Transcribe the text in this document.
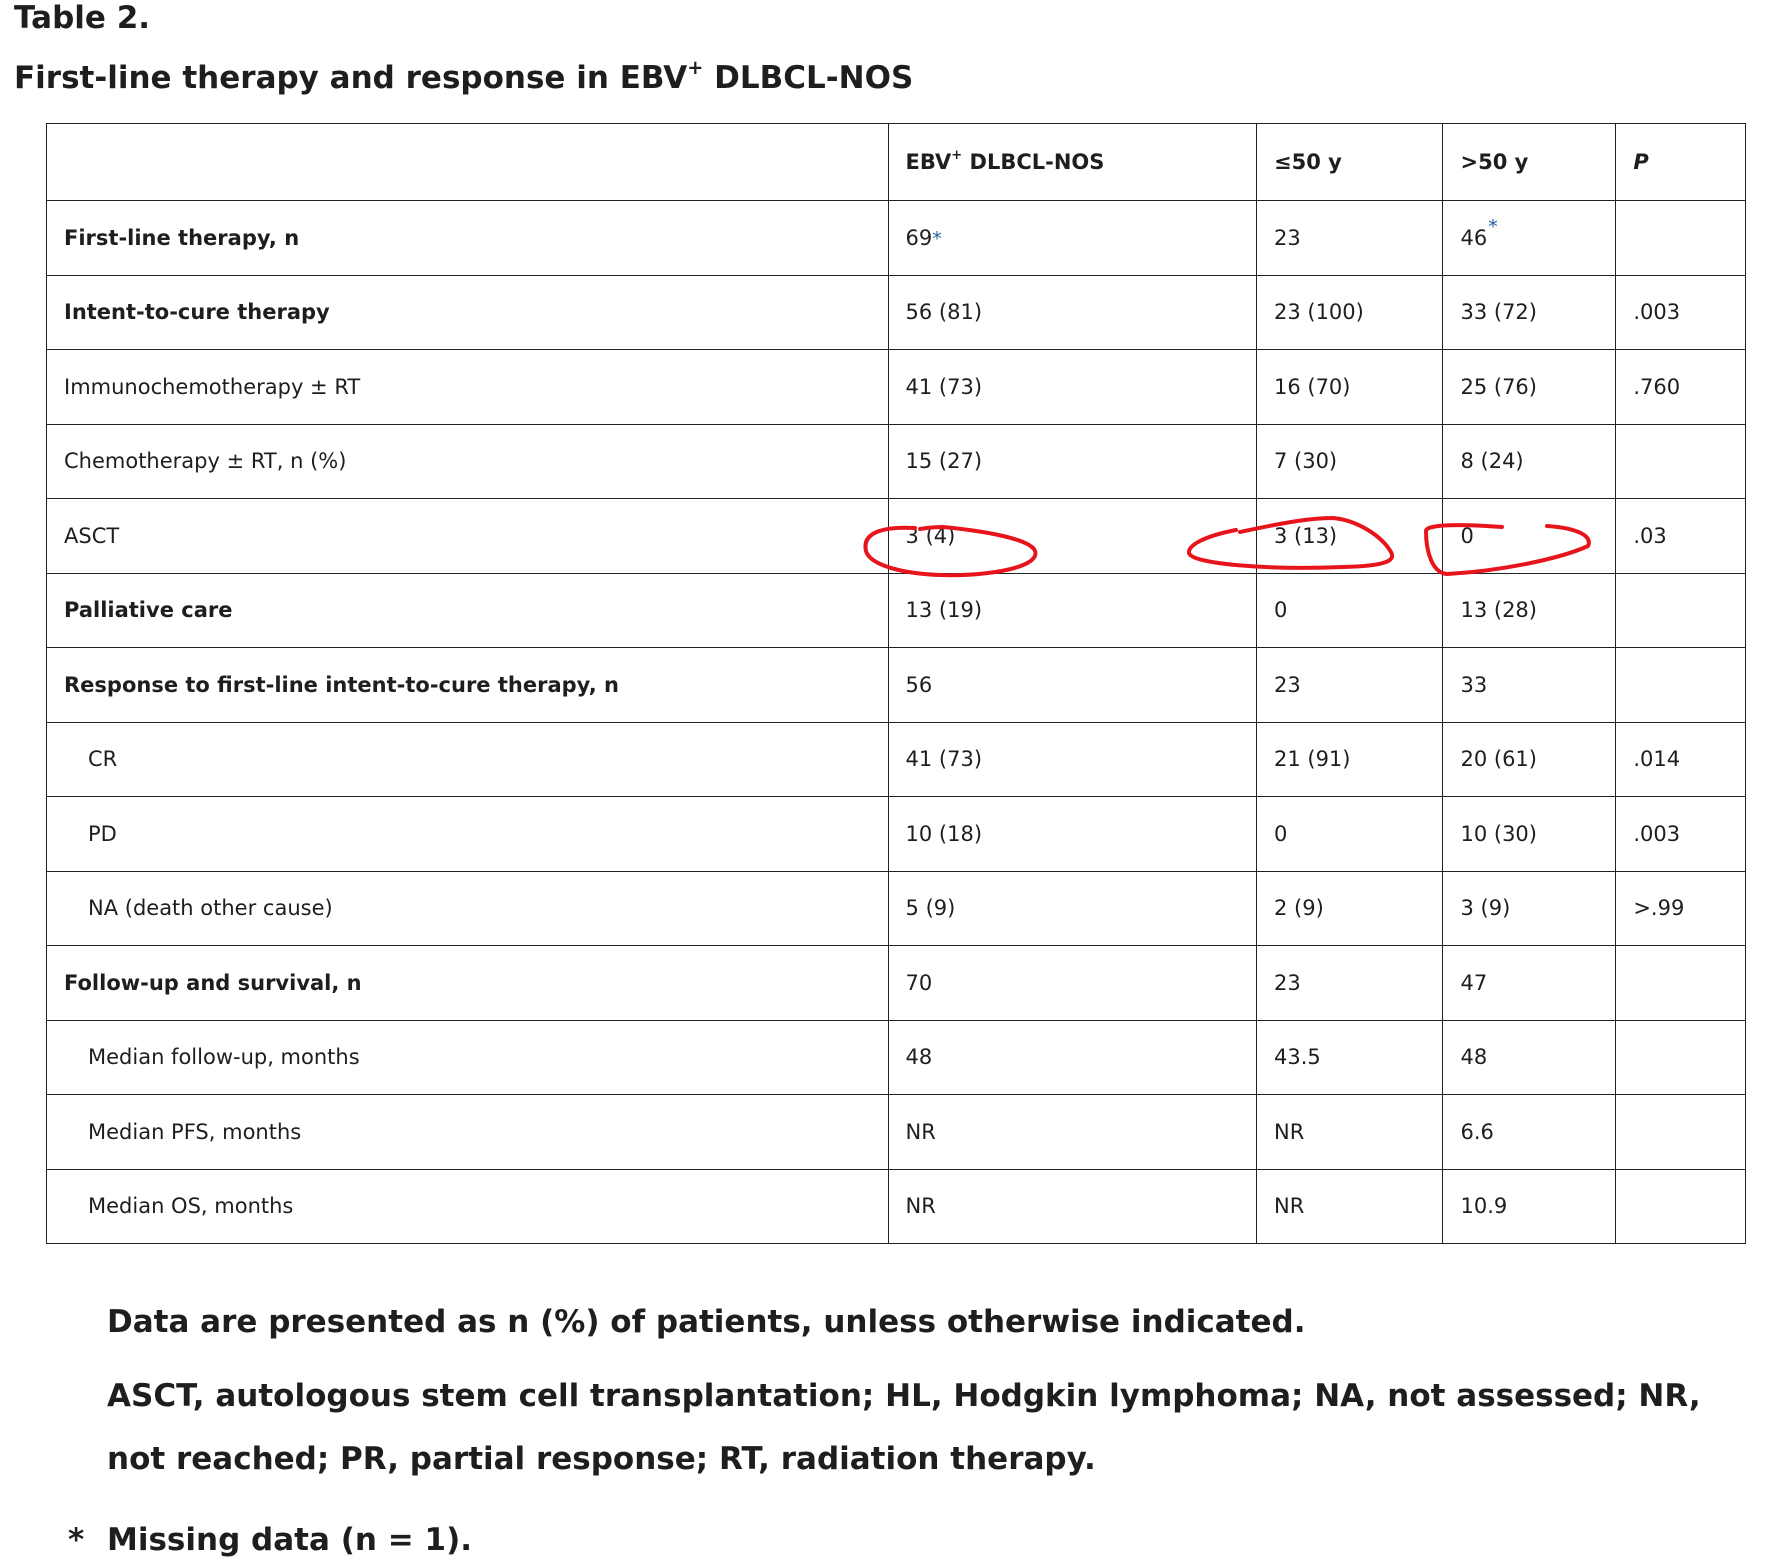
Table 2.
First-line therapy and response in EBV+ DLBCL-NOS
	EBV+ DLBCL-NOS	≤50 y	>50 y	P
First-line therapy, n	69*	23	46*	
Intent-to-cure therapy	56 (81)	23 (100)	33 (72)	.003
Immunochemotherapy ± RT	41 (73)	16 (70)	25 (76)	.760
Chemotherapy ± RT, n (%)	15 (27)	7 (30)	8 (24)	
ASCT	3 (4)	3 (13)	0	.03
Palliative care	13 (19)	0	13 (28)	
Response to first-line intent-to-cure therapy, n	56	23	33	
CR	41 (73)	21 (91)	20 (61)	.014
PD	10 (18)	0	10 (30)	.003
NA (death other cause)	5 (9)	2 (9)	3 (9)	>.99
Follow-up and survival, n	70	23	47	
Median follow-up, months	48	43.5	48	
Median PFS, months	NR	NR	6.6	
Median OS, months	NR	NR	10.9	

Data are presented as n (%) of patients, unless otherwise indicated.

ASCT, autologous stem cell transplantation; HL, Hodgkin lymphoma; NA, not assessed; NR, not reached; PR, partial response; RT, radiation therapy.

* Missing data (n = 1).
